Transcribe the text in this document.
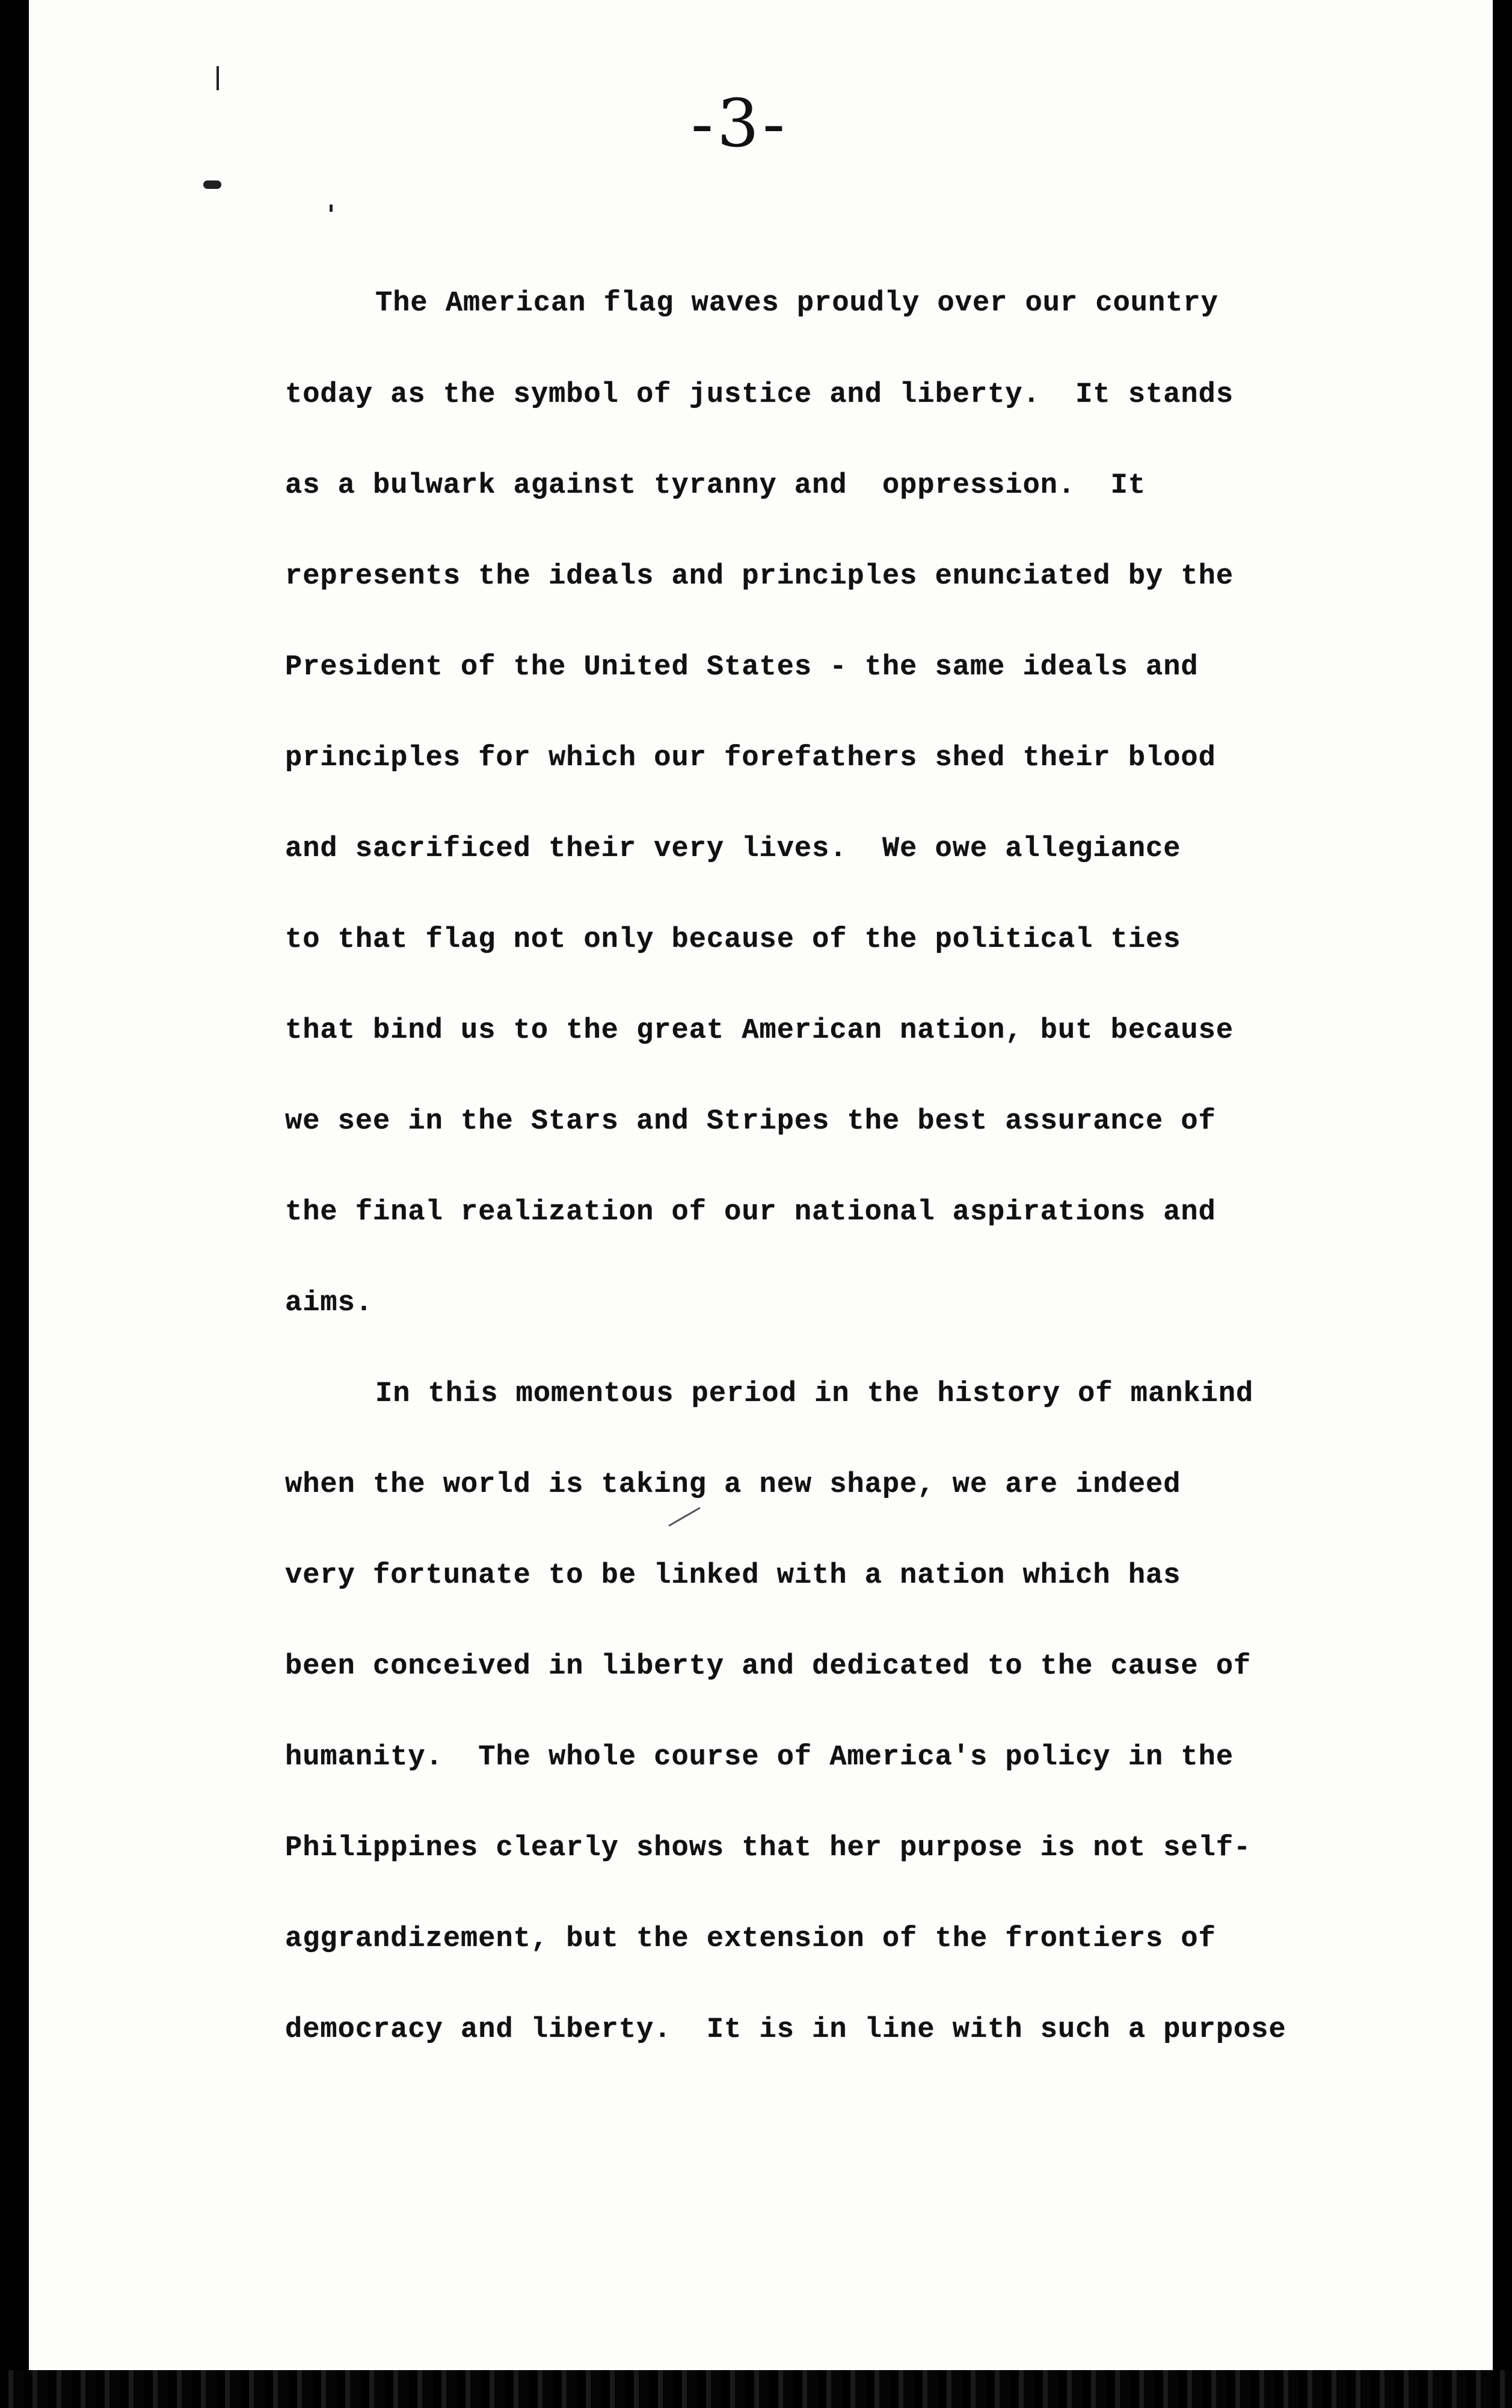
-3-
The American flag waves proudly over our country
today as the symbol of justice and liberty.  It stands
as a bulwark against tyranny and  oppression.  It
represents the ideals and principles enunciated by the
President of the United States - the same ideals and
principles for which our forefathers shed their blood
and sacrificed their very lives.  We owe allegiance
to that flag not only because of the political ties
that bind us to the great American nation, but because
we see in the Stars and Stripes the best assurance of
the final realization of our national aspirations and
aims.
In this momentous period in the history of mankind
when the world is taking a new shape, we are indeed
very fortunate to be linked with a nation which has
been conceived in liberty and dedicated to the cause of
humanity.  The whole course of America's policy in the
Philippines clearly shows that her purpose is not self-
aggrandizement, but the extension of the frontiers of
democracy and liberty.  It is in line with such a purpose
